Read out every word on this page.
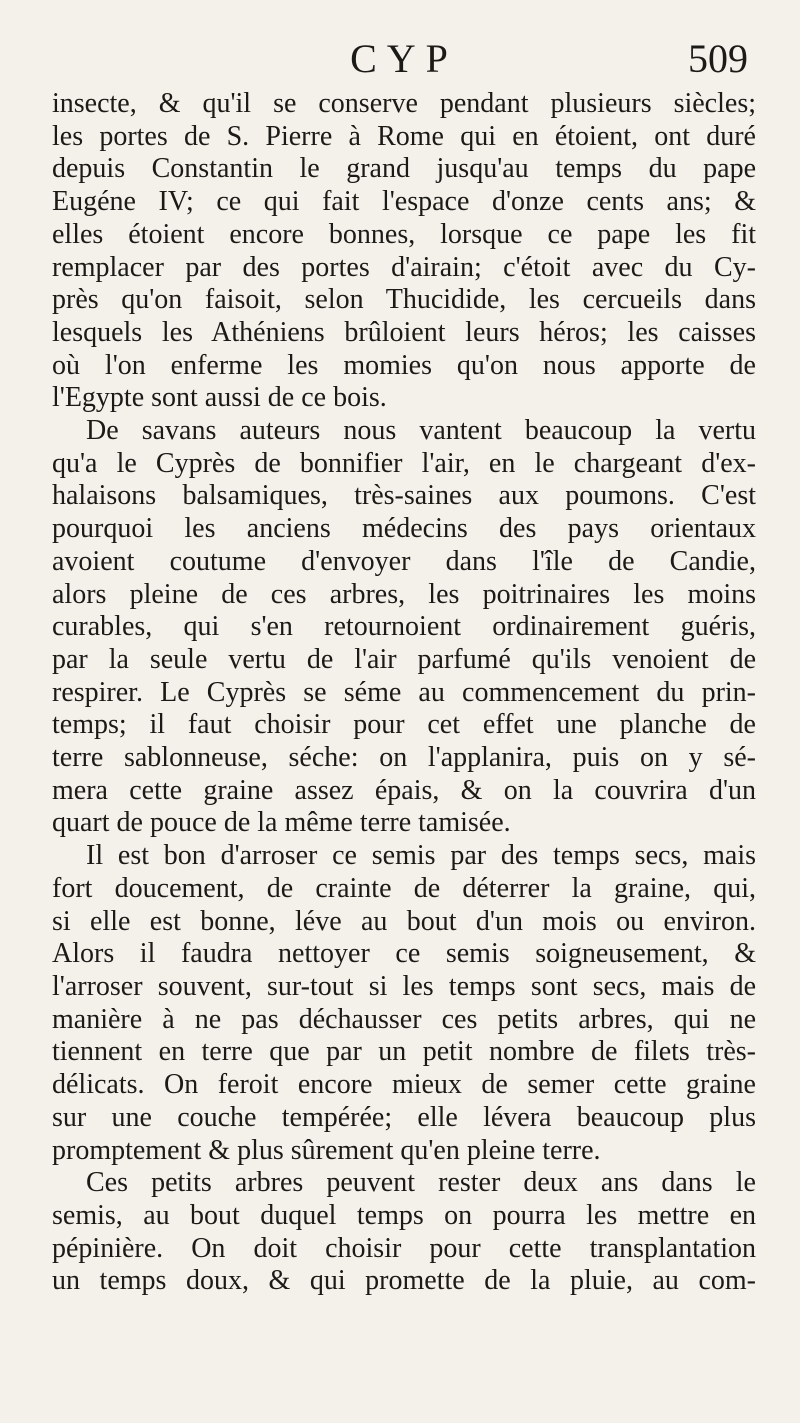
CYP	509
insecte, & qu'il se conserve pendant plusieurs siècles;
les portes de S. Pierre à Rome qui en étoient, ont duré
depuis Constantin le grand jusqu'au temps du pape
Eugéne IV; ce qui fait l'espace d'onze cents ans; &
elles étoient encore bonnes, lorsque ce pape les fit
remplacer par des portes d'airain; c'étoit avec du Cy-
près qu'on faisoit, selon Thucidide, les cercueils dans
lesquels les Athéniens brûloient leurs héros; les caisses
où l'on enferme les momies qu'on nous apporte de
l'Egypte sont aussi de ce bois.
De savans auteurs nous vantent beaucoup la vertu
qu'a le Cyprès de bonnifier l'air, en le chargeant d'ex-
halaisons balsamiques, très-saines aux poumons. C'est
pourquoi les anciens médecins des pays orientaux
avoient coutume d'envoyer dans l'île de Candie,
alors pleine de ces arbres, les poitrinaires les moins
curables, qui s'en retournoient ordinairement guéris,
par la seule vertu de l'air parfumé qu'ils venoient de
respirer. Le Cyprès se séme au commencement du prin-
temps; il faut choisir pour cet effet une planche de
terre sablonneuse, séche: on l'applanira, puis on y sé-
mera cette graine assez épais, & on la couvrira d'un
quart de pouce de la même terre tamisée.
Il est bon d'arroser ce semis par des temps secs, mais
fort doucement, de crainte de déterrer la graine, qui,
si elle est bonne, léve au bout d'un mois ou environ.
Alors il faudra nettoyer ce semis soigneusement, &
l'arroser souvent, sur-tout si les temps sont secs, mais de
manière à ne pas déchausser ces petits arbres, qui ne
tiennent en terre que par un petit nombre de filets très-
délicats. On feroit encore mieux de semer cette graine
sur une couche tempérée; elle lévera beaucoup plus
promptement & plus sûrement qu'en pleine terre.
Ces petits arbres peuvent rester deux ans dans le
semis, au bout duquel temps on pourra les mettre en
pépinière. On doit choisir pour cette transplantation
un temps doux, & qui promette de la pluie, au com-
